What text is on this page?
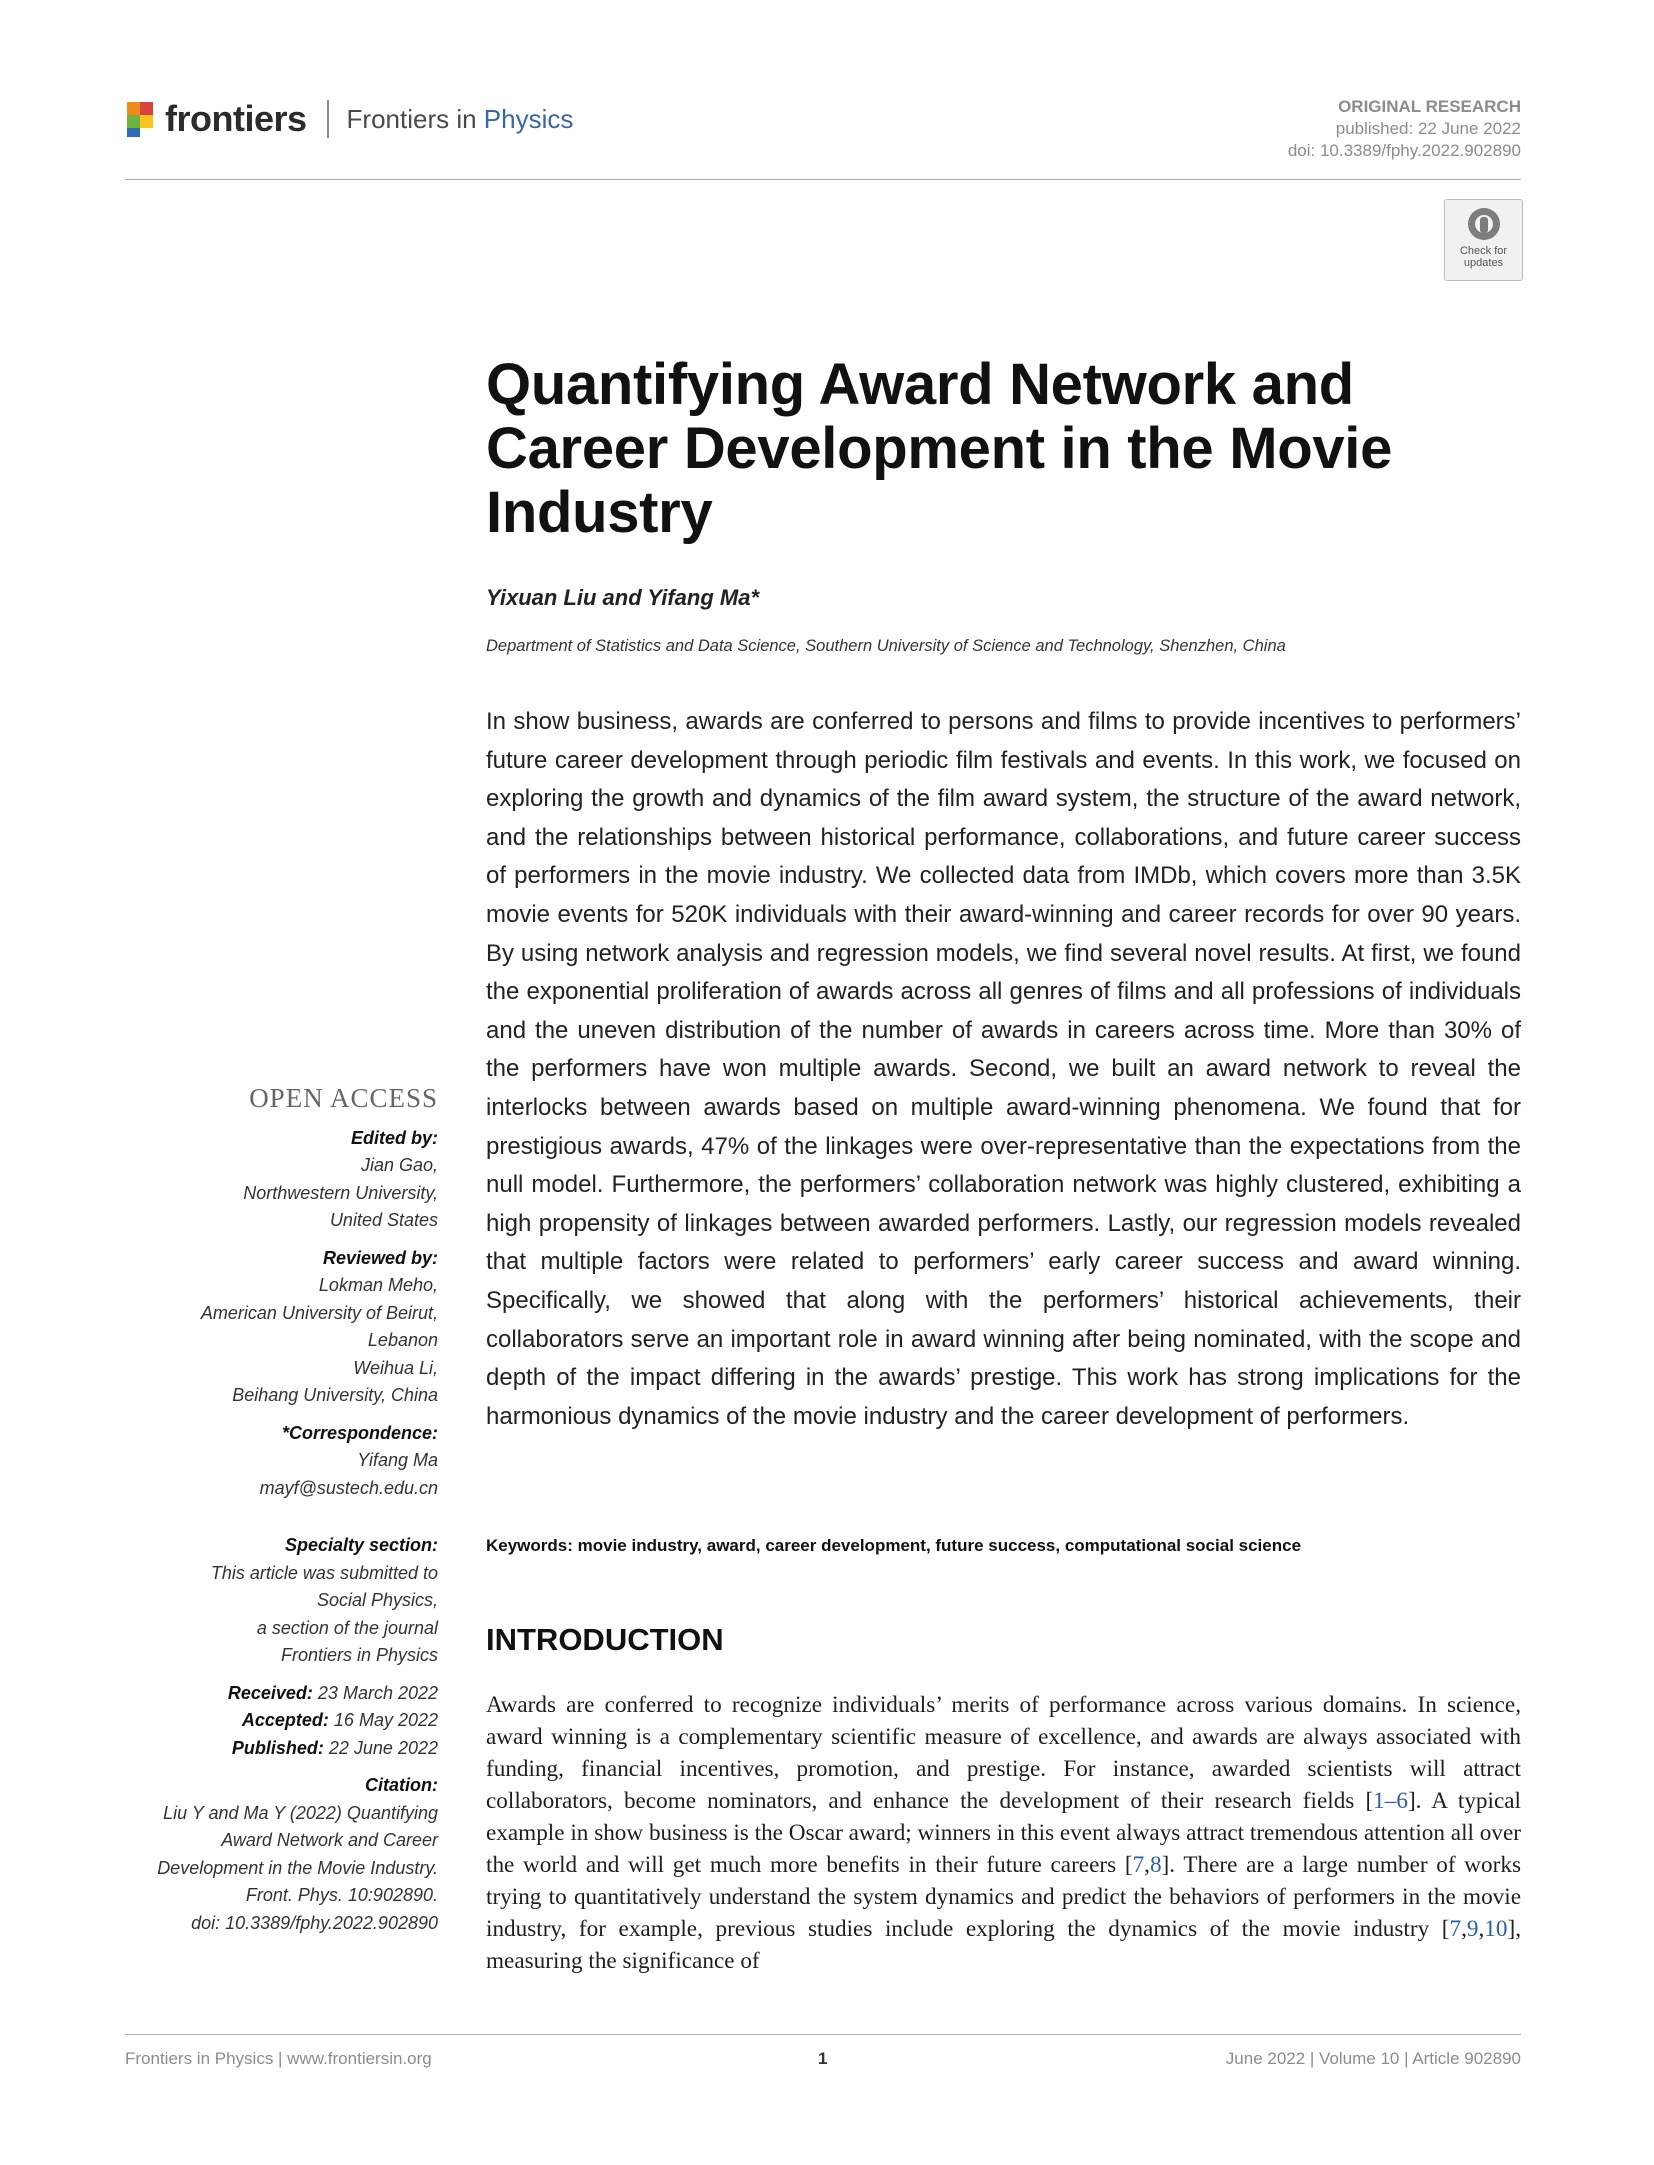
frontiers Frontiers in Physics	ORIGINAL RESEARCH
published: 22 June 2022
doi: 10.3389/fphy.2022.902890
Check for
updates
Quantifying Award Network and Career Development in the Movie Industry
Yixuan Liu and Yifang Ma*
Department of Statistics and Data Science, Southern University of Science and Technology, Shenzhen, China
In show business, awards are conferred to persons and films to provide incentives to performers’ future career development through periodic film festivals and events. In this work, we focused on exploring the growth and dynamics of the film award system, the structure of the award network, and the relationships between historical performance, collaborations, and future career success of performers in the movie industry. We collected data from IMDb, which covers more than 3.5K movie events for 520K individuals with their award-winning and career records for over 90 years. By using network analysis and regression models, we find several novel results. At first, we found the exponential proliferation of awards across all genres of films and all professions of individuals and the uneven distribution of the number of awards in careers across time. More than 30% of the performers have won multiple awards. Second, we built an award network to reveal the interlocks between awards based on multiple award-winning phenomena. We found that for prestigious awards, 47% of the linkages were over-representative than the expectations from the null model. Furthermore, the performers’ collaboration network was highly clustered, exhibiting a high propensity of linkages between awarded performers. Lastly, our regression models revealed that multiple factors were related to performers’ early career success and award winning. Specifically, we showed that along with the performers’ historical achievements, their collaborators serve an important role in award winning after being nominated, with the scope and depth of the impact differing in the awards’ prestige. This work has strong implications for the harmonious dynamics of the movie industry and the career development of performers.
Keywords: movie industry, award, career development, future success, computational social science
INTRODUCTION
Awards are conferred to recognize individuals’ merits of performance across various domains. In science, award winning is a complementary scientific measure of excellence, and awards are always associated with funding, financial incentives, promotion, and prestige. For instance, awarded scientists will attract collaborators, become nominators, and enhance the development of their research fields [1–6]. A typical example in show business is the Oscar award; winners in this event always attract tremendous attention all over the world and will get much more benefits in their future careers [7,8]. There are a large number of works trying to quantitatively understand the system dynamics and predict the behaviors of performers in the movie industry, for example, previous studies include exploring the dynamics of the movie industry [7,9,10], measuring the significance of
OPEN ACCESS
Edited by:
Jian Gao,
Northwestern University,
United States
Reviewed by:
Lokman Meho,
American University of Beirut,
Lebanon
Weihua Li,
Beihang University, China
*Correspondence:
Yifang Ma
mayf@sustech.edu.cn
Specialty section:
This article was submitted to
Social Physics,
a section of the journal
Frontiers in Physics
Received: 23 March 2022
Accepted: 16 May 2022
Published: 22 June 2022
Citation:
Liu Y and Ma Y (2022) Quantifying
Award Network and Career
Development in the Movie Industry.
Front. Phys. 10:902890.
doi: 10.3389/fphy.2022.902890
Frontiers in Physics | www.frontiersin.org	1	June 2022 | Volume 10 | Article 902890
